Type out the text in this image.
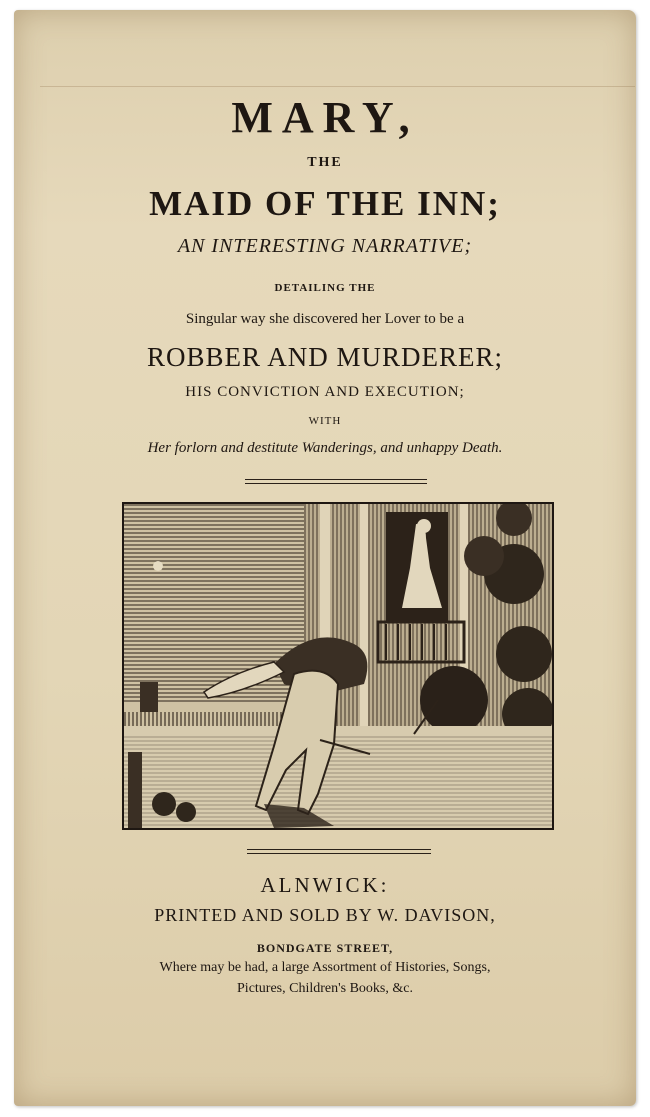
MARY,
THE
MAID OF THE INN;
AN INTERESTING NARRATIVE;
DETAILING THE
Singular way she discovered her Lover to be a
ROBBER AND MURDERER;
HIS CONVICTION AND EXECUTION;
WITH
Her forlorn and destitute Wanderings, and unhappy Death.
ALNWICK:
PRINTED AND SOLD BY W. DAVISON,
BONDGATE STREET,
Where may be had, a large Assortment of Histories, Songs,
Pictures, Children's Books, &c.
